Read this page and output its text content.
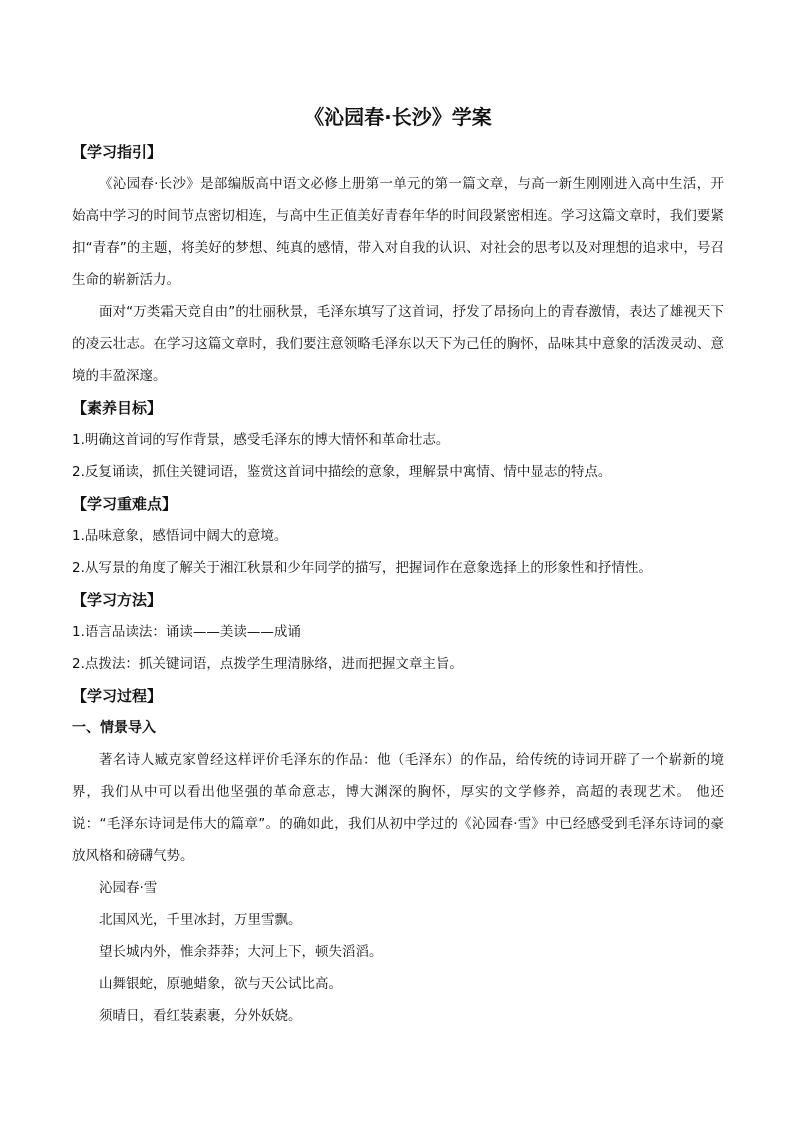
《沁园春·长沙》学案
【学习指引】

《沁园春·长沙》是部编版高中语文必修上册第一单元的第一篇文章，与高一新生刚刚进入高中生活，开始高中学习的时间节点密切相连，与高中生正值美好青春年华的时间段紧密相连。学习这篇文章时，我们要紧扣“青春”的主题，将美好的梦想、纯真的感情，带入对自我的认识、对社会的思考以及对理想的追求中，号召生命的崭新活力。

面对“万类霜天竞自由”的壮丽秋景，毛泽东填写了这首词，抒发了昂扬向上的青春激情，表达了雄视天下的凌云壮志。在学习这篇文章时，我们要注意领略毛泽东以天下为己任的胸怀，品味其中意象的活泼灵动、意境的丰盈深邃。

【素养目标】

1.明确这首词的写作背景，感受毛泽东的博大情怀和革命壮志。

2.反复诵读，抓住关键词语，鉴赏这首词中描绘的意象，理解景中寓情、情中显志的特点。

【学习重难点】

1.品味意象，感悟词中阔大的意境。

2.从写景的角度了解关于湘江秋景和少年同学的描写，把握词作在意象选择上的形象性和抒情性。

【学习方法】

1.语言品读法：诵读——美读——成诵

2.点拨法：抓关键词语，点拨学生理清脉络，进而把握文章主旨。

【学习过程】
一、情景导入

著名诗人臧克家曾经这样评价毛泽东的作品：他（毛泽东）的作品，给传统的诗词开辟了一个崭新的境界，我们从中可以看出他坚强的革命意志，博大渊深的胸怀，厚实的文学修养，高超的表现艺术。 他还说：“毛泽东诗词是伟大的篇章”。的确如此，我们从初中学过的《沁园春·雪》中已经感受到毛泽东诗词的豪放风格和磅礴气势。

沁园春·雪

北国风光，千里冰封，万里雪飘。

望长城内外，惟余莽莽；大河上下，顿失滔滔。

山舞银蛇，原驰蜡象，欲与天公试比高。

须晴日，看红装素裹，分外妖娆。
